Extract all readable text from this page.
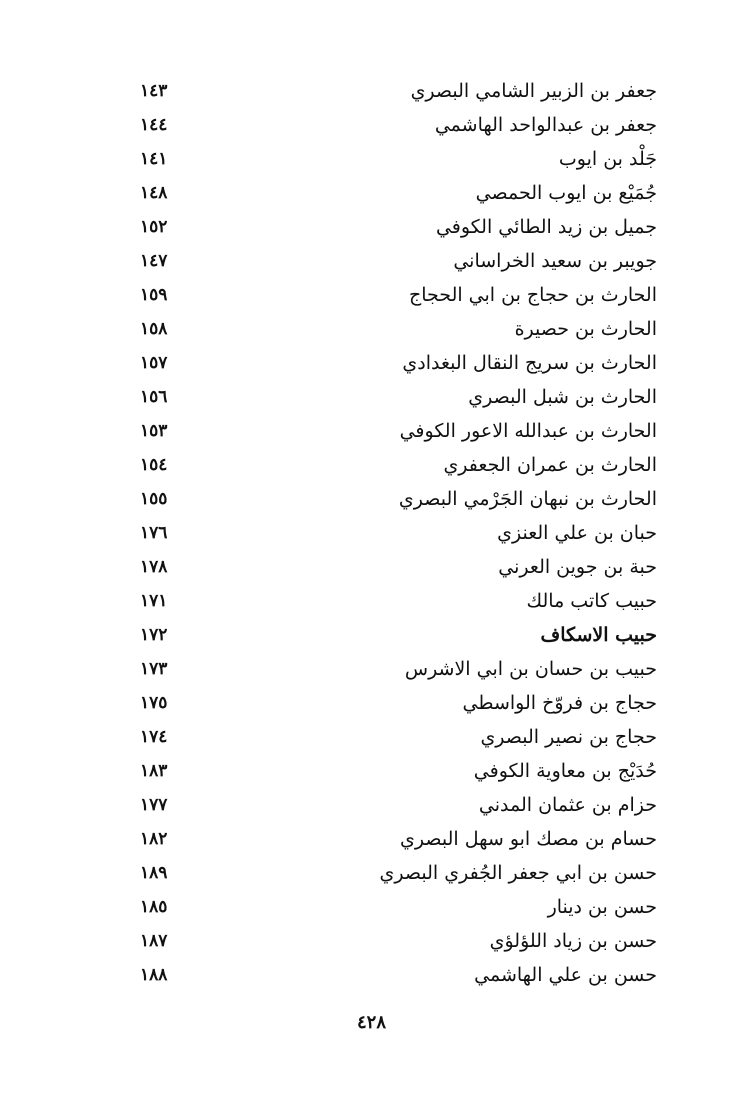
جعفر بن الزبير الشامي البصري
١٤٣
جعفر بن عبدالواحد الهاشمي
١٤٤
جَلْد بن ايوب
١٤١
جُمَيْع بن ايوب الحمصي
١٤٨
جميل بن زيد الطائي الكوفي
١٥٢
جويبر بن سعيد الخراساني
١٤٧
الحارث بن حجاج بن ابي الحجاج
١٥٩
الحارث بن حصيرة
١٥٨
الحارث بن سريج النقال البغدادي
١٥٧
الحارث بن شبل البصري
١٥٦
الحارث بن عبدالله الاعور الكوفي
١٥٣
الحارث بن عمران الجعفري
١٥٤
الحارث بن نبهان الجَرْمي البصري
١٥٥
حبان بن علي العنزي
١٧٦
حبة بن جوين العرني
١٧٨
حبيب كاتب مالك
١٧١
حبيب الاسكاف
١٧٢
حبيب بن حسان بن ابي الاشرس
١٧٣
حجاج بن فروّخ الواسطي
١٧٥
حجاج بن نصير البصري
١٧٤
حُدَيْج بن معاوية الكوفي
١٨٣
حزام بن عثمان المدني
١٧٧
حسام بن مصك ابو سهل البصري
١٨٢
حسن بن ابي جعفر الجُفري البصري
١٨٩
حسن بن دينار
١٨٥
حسن بن زياد اللؤلؤي
١٨٧
حسن بن علي الهاشمي
١٨٨
٤٢٨
